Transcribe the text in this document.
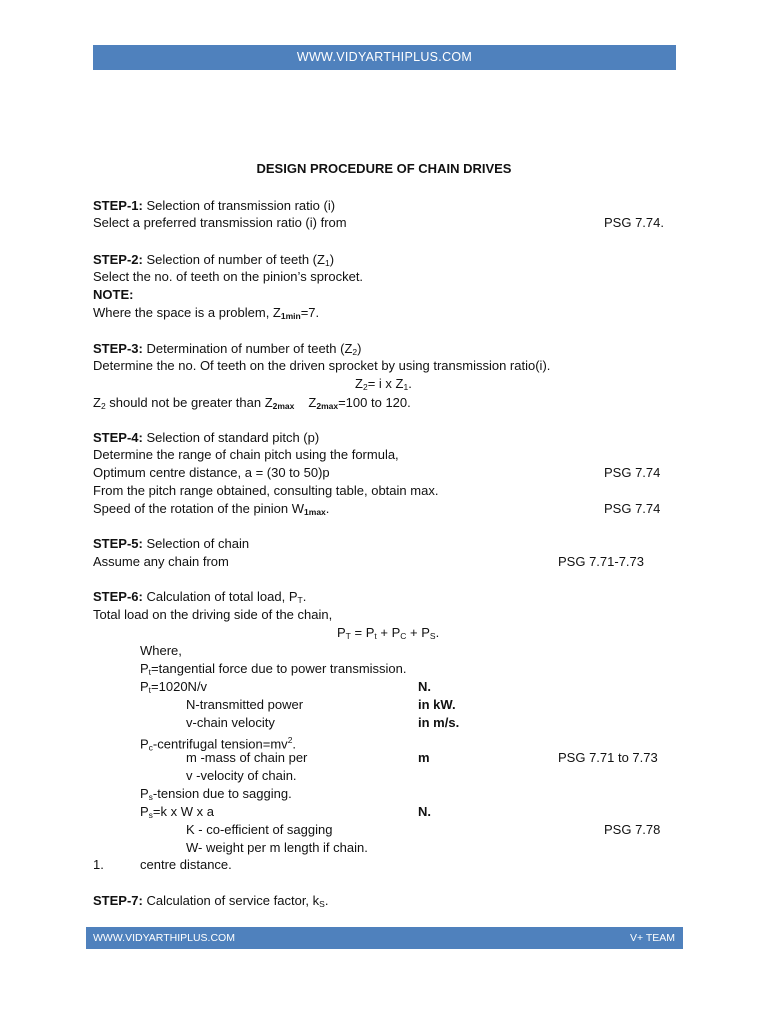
WWW.VIDYARTHIPLUS.COM
DESIGN PROCEDURE OF CHAIN DRIVES
STEP-1: Selection of transmission ratio (i)
Select a preferred transmission ratio (i) from	PSG 7.74.
STEP-2: Selection of number of teeth $(Z_1)$
Select the no. of teeth on the pinion’s sprocket.
NOTE:
Where the space is a problem, $Z_{1min}=7$.
STEP-3: Determination of number of teeth $(Z_2)$
Determine the no. Of teeth on the driven sprocket by using transmission ratio(i).
$Z_2= i$ x $Z_1$.
$Z_2$ should not be greater than $Z_{2max}$ $Z_{2max}=100$ to 120.
STEP-4: Selection of standard pitch (p)
Determine the range of chain pitch using the formula,
Optimum centre distance, a = (30 to 50)p	PSG 7.74
From the pitch range obtained, consulting table, obtain max.
Speed of the rotation of the pinion $W_{1max}$.	PSG 7.74
STEP-5: Selection of chain
Assume any chain from	PSG 7.71-7.73
STEP-6: Calculation of total load, $P_T$.
Total load on the driving side of the chain,
$P_T = P_t + P_C + P_S$.
Where,
$P_t=tangential$ force due to power transmission.
$P_t=1020N/v$	N.
N-transmitted power	in kW.
v-chain velocity	in m/s.
$P_c$-centrifugal $tension=mv^2$.
m -mass of chain per	m	PSG 7.71 to 7.73
v -velocity of chain.
$P_s$-tension due to sagging.
$P_s=k$ x W x a	N.
K - co-efficient of sagging	PSG 7.78
W- weight per m length if chain.
1.	centre distance.
STEP-7: Calculation of service factor, $k_S$.
WWW.VIDYARTHIPLUS.COM	V+ TEAM
